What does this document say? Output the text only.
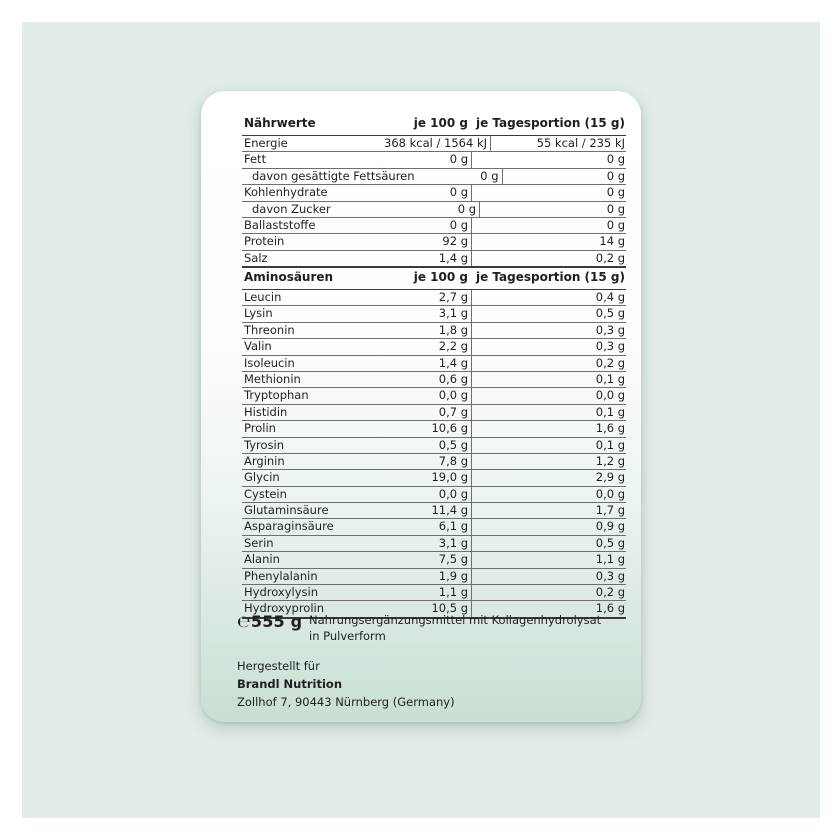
Nährwerte	je 100 g je Tagesportion (15 g)
Energie	368 kcal / 1564 kJ	55 kcal / 235 kJ
Fett	0 g	0 g
davon gesättigte Fettsäuren	0 g	0 g
Kohlenhydrate	0 g	0 g
davon Zucker	0 g	0 g
Ballaststoffe	0 g	0 g
Protein	92 g	14 g
Salz	1,4 g	0,2 g
Aminosäuren	je 100 g je Tagesportion (15 g)
Leucin	2,7 g	0,4 g
Lysin	3,1 g	0,5 g
Threonin	1,8 g	0,3 g
Valin	2,2 g	0,3 g
Isoleucin	1,4 g	0,2 g
Methionin	0,6 g	0,1 g
Tryptophan	0,0 g	0,0 g
Histidin	0,7 g	0,1 g
Prolin	10,6 g	1,6 g
Tyrosin	0,5 g	0,1 g
Arginin	7,8 g	1,2 g
Glycin	19,0 g	2,9 g
Cystein	0,0 g	0,0 g
Glutaminsäure	11,4 g	1,7 g
Asparaginsäure	6,1 g	0,9 g
Serin	3,1 g	0,5 g
Alanin	7,5 g	1,1 g
Phenylalanin	1,9 g	0,3 g
Hydroxylysin	1,1 g	0,2 g
Hydroxyprolin	10,5 g	1,6 g
℮555 g Nahrungsergänzungsmittel mit Kollagenhydrolysat in Pulverform
Hergestellt für
Brandl Nutrition
Zollhof 7, 90443 Nürnberg (Germany)
